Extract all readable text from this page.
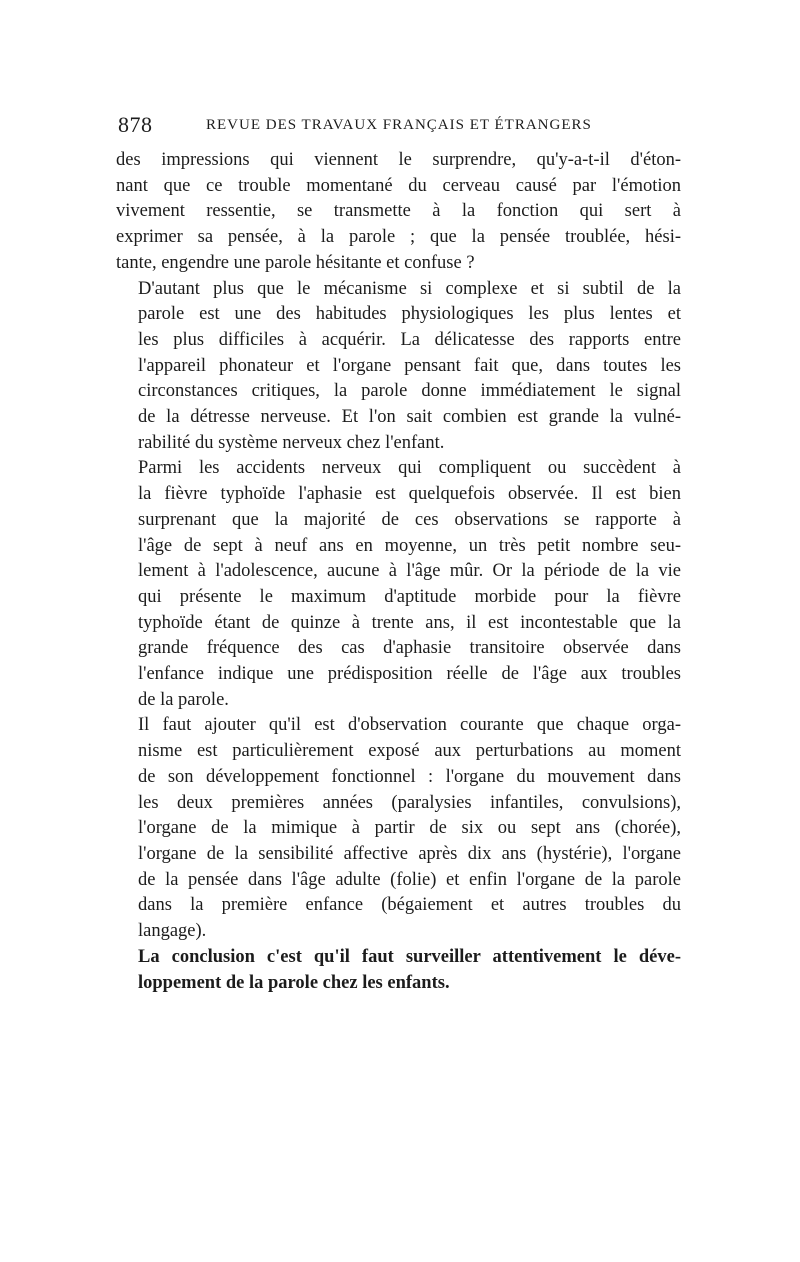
878	REVUE DES TRAVAUX FRANÇAIS ET ÉTRANGERS

des impressions qui viennent le surprendre, qu'y-a-t-il d'éton-
nant que ce trouble momentané du cerveau causé par l'émotion
vivement ressentie, se transmette à la fonction qui sert à
exprimer sa pensée, à la parole ; que la pensée troublée, hési-
tante, engendre une parole hésitante et confuse ?

D'autant plus que le mécanisme si complexe et si subtil de la
parole est une des habitudes physiologiques les plus lentes et
les plus difficiles à acquérir. La délicatesse des rapports entre
l'appareil phonateur et l'organe pensant fait que, dans toutes les
circonstances critiques, la parole donne immédiatement le signal
de la détresse nerveuse. Et l'on sait combien est grande la vulné-
rabilité du système nerveux chez l'enfant.

Parmi les accidents nerveux qui compliquent ou succèdent à
la fièvre typhoïde l'aphasie est quelquefois observée. Il est bien
surprenant que la majorité de ces observations se rapporte à
l'âge de sept à neuf ans en moyenne, un très petit nombre seu-
lement à l'adolescence, aucune à l'âge mûr. Or la période de la vie
qui présente le maximum d'aptitude morbide pour la fièvre
typhoïde étant de quinze à trente ans, il est incontestable que la
grande fréquence des cas d'aphasie transitoire observée dans
l'enfance indique une prédisposition réelle de l'âge aux troubles
de la parole.

Il faut ajouter qu'il est d'observation courante que chaque orga-
nisme est particulièrement exposé aux perturbations au moment
de son développement fonctionnel : l'organe du mouvement dans
les deux premières années (paralysies infantiles, convulsions),
l'organe de la mimique à partir de six ou sept ans (chorée),
l'organe de la sensibilité affective après dix ans (hystérie), l'organe
de la pensée dans l'âge adulte (folie) et enfin l'organe de la parole
dans la première enfance (bégaiement et autres troubles du
langage).

La conclusion c'est qu'il faut surveiller attentivement le déve-
loppement de la parole chez les enfants.
